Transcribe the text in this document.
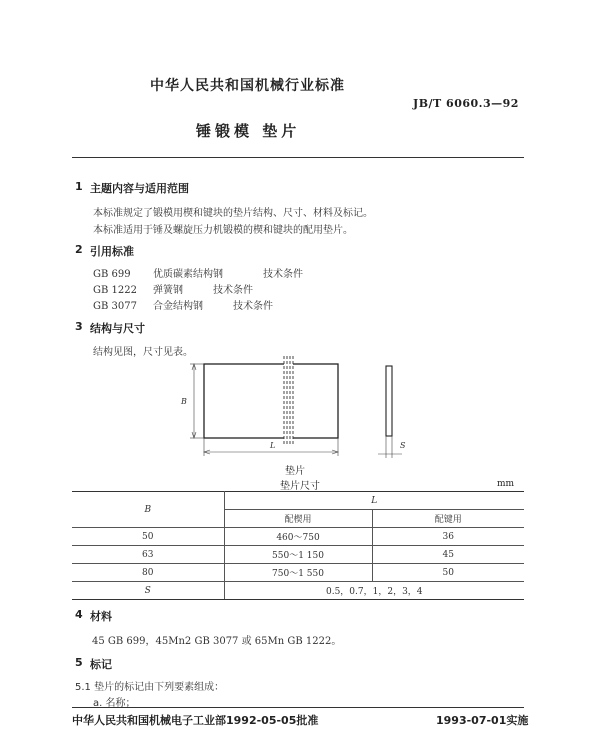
中华人民共和国机械行业标准
JB/T 6060.3—92
锤锻模 垫片
1 主题内容与适用范围
本标准规定了锻模用楔和键块的垫片结构、尺寸、材料及标记。
本标准适用于锤及螺旋压力机锻模的楔和键块的配用垫片。
2 引用标准
GB 699 优质碳素结构钢	技术条件
GB 1222 弹簧钢	技术条件
GB 3077 合金结构钢	技术条件
3 结构与尺寸
结构见图，尺寸见表。
B
L	S
垫片
垫片尺寸	mm
B	L	
	配楔用	配键用
50	460～750	36
63	550～1 150	45
80	750～1 550	50
S	0.5，0.7，1，2，3，4	
4 材料
45 GB 699，45Mn2 GB 3077 或 65Mn GB 1222。
5 标记
5.1 垫片的标记由下列要素组成：
a. 名称；
中华人民共和国机械电子工业部1992-05-05批准	1993-07-01实施
